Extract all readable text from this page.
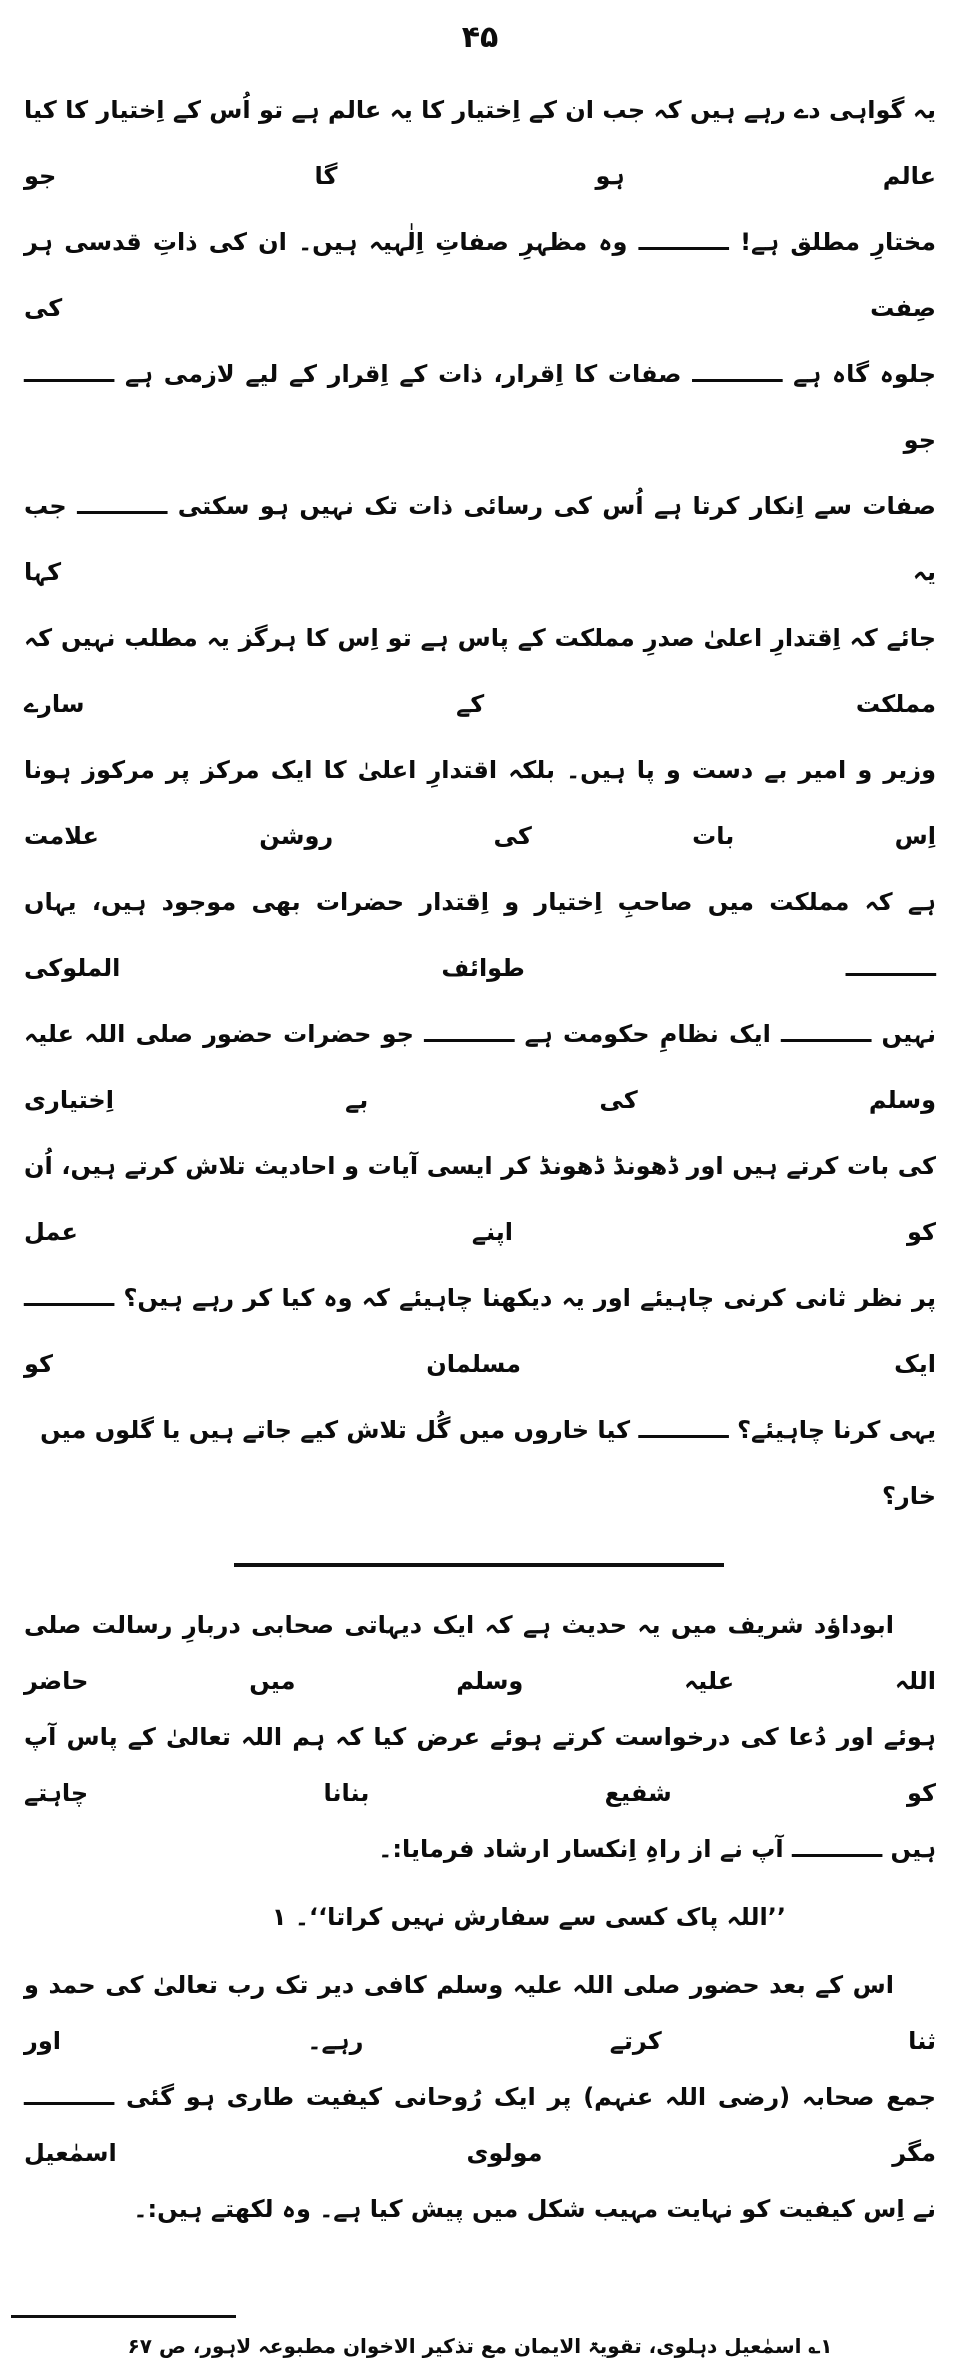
۴۵

یہ گواہی دے رہے ہیں کہ جب ان کے اِختیار کا یہ عالم ہے تو اُس کے اِختیار کا کیا عالم ہو گا جو

مختارِ مطلق ہے! ـــــــــــ وہ مظہرِ صفاتِ اِلٰہیہ ہیں۔ ان کی ذاتِ قدسی ہر صِفت کی

جلوہ گاہ ہے ـــــــــــ صفات کا اِقرار، ذات کے اِقرار کے لیے لازمی ہے ـــــــــــ جو

صفات سے اِنکار کرتا ہے اُس کی رسائی ذات تک نہیں ہو سکتی ـــــــــــ جب یہ کہا

جائے کہ اِقتدارِ اعلیٰ صدرِ مملکت کے پاس ہے تو اِس کا ہرگز یہ مطلب نہیں کہ مملکت کے سارے

وزیر و امیر بے دست و پا ہیں۔ بلکہ اقتدارِ اعلیٰ کا ایک مرکز پر مرکوز ہونا اِس بات کی روشن علامت

ہے کہ مملکت میں صاحبِ اِختیار و اِقتدار حضرات بھی موجود ہیں، یہاں ـــــــــــ طوائف الملوکی

نہیں ـــــــــــ ایک نظامِ حکومت ہے ـــــــــــ جو حضرات حضور صلی اللہ علیہ وسلم کی بے اِختیاری

کی بات کرتے ہیں اور ڈھونڈ ڈھونڈ کر ایسی آیات و احادیث تلاش کرتے ہیں، اُن کو اپنے عمل

پر نظر ثانی کرنی چاہیئے اور یہ دیکھنا چاہیئے کہ وہ کیا کر رہے ہیں؟ ـــــــــــ ایک مسلمان کو

یہی کرنا چاہیئے؟ ـــــــــــ کیا خاروں میں گُل تلاش کیے جاتے ہیں یا گلوں میں خار؟

ابوداؤد شریف میں یہ حدیث ہے کہ ایک دیہاتی صحابی دربارِ رسالت صلی اللہ علیہ وسلم میں حاضر

ہوئے اور دُعا کی درخواست کرتے ہوئے عرض کیا کہ ہم اللہ تعالیٰ کے پاس آپ کو شفیع بنانا چاہتے

ہیں ـــــــــــ آپ نے از راہِ اِنکسار ارشاد فرمایا:۔

’’اللہ پاک کسی سے سفارش نہیں کراتا‘‘۔ ۱

اس کے بعد حضور صلی اللہ علیہ وسلم کافی دیر تک رب تعالیٰ کی حمد و ثنا کرتے رہے۔ اور

جمع صحابہ (رضی اللہ عنہم) پر ایک رُوحانی کیفیت طاری ہو گئی ـــــــــــ مگر مولوی اسمٰعیل

نے اِس کیفیت کو نہایت مہیب شکل میں پیش کیا ہے۔ وہ لکھتے ہیں:۔

۱؎ اسمٰعیل دہلوی، تقویۃ الایمان مع تذکیر الاخوان مطبوعہ لاہور، ص ۶۷
